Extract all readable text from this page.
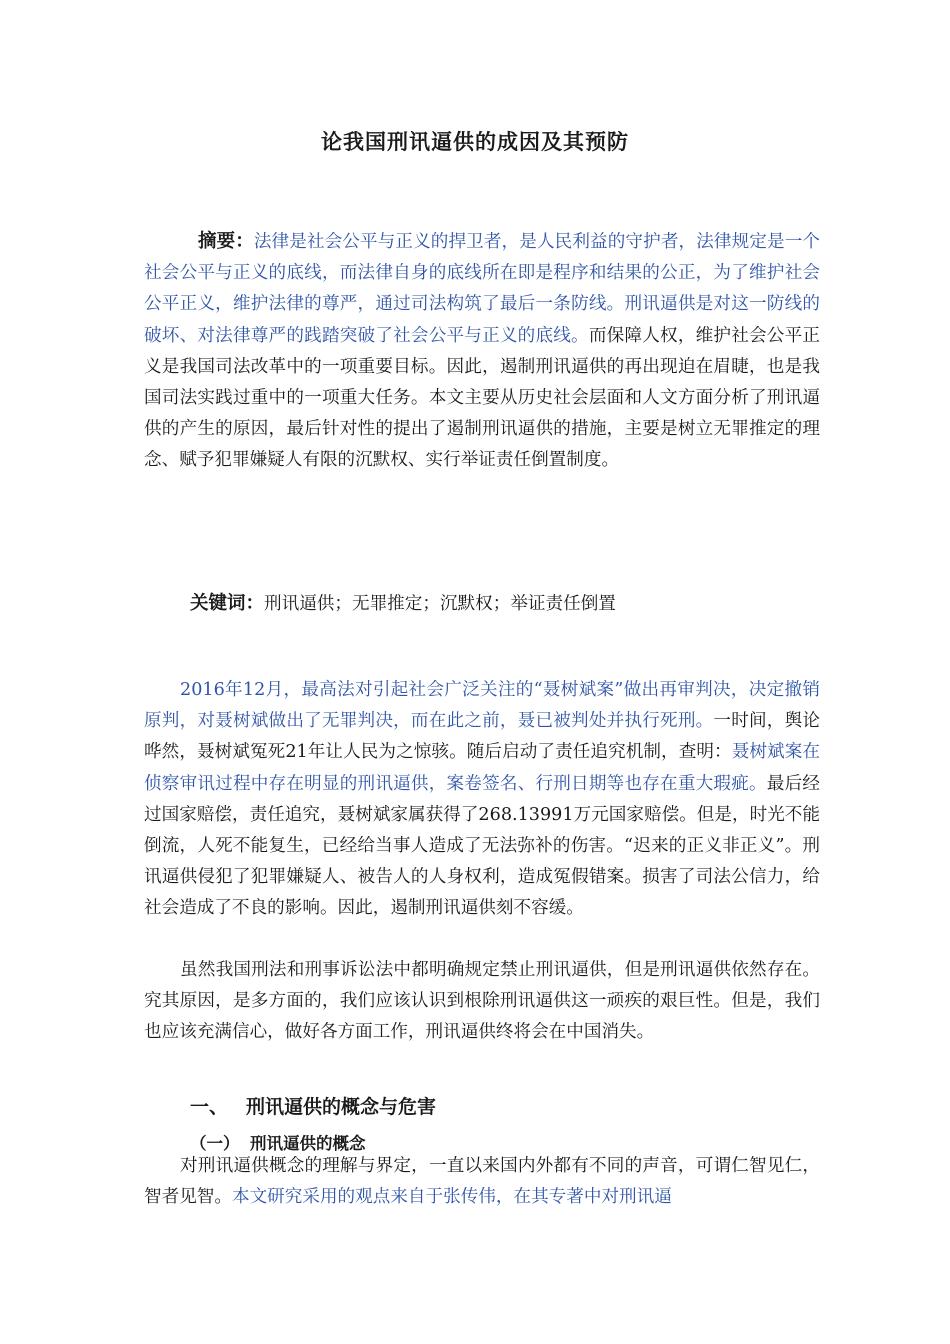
论我国刑讯逼供的成因及其预防

摘要：法律是社会公平与正义的捍卫者，是人民利益的守护者，法律规定是一个社会公平与正义的底线，而法律自身的底线所在即是程序和结果的公正，为了维护社会公平正义，维护法律的尊严，通过司法构筑了最后一条防线。刑讯逼供是对这一防线的破坏、对法律尊严的践踏突破了社会公平与正义的底线。而保障人权，维护社会公平正义是我国司法改革中的一项重要目标。因此，遏制刑讯逼供的再出现迫在眉睫，也是我国司法实践过重中的一项重大任务。本文主要从历史社会层面和人文方面分析了刑讯逼供的产生的原因，最后针对性的提出了遏制刑讯逼供的措施，主要是树立无罪推定的理念、赋予犯罪嫌疑人有限的沉默权、实行举证责任倒置制度。

关键词：刑讯逼供；无罪推定；沉默权；举证责任倒置

2016年12月，最高法对引起社会广泛关注的“聂树斌案”做出再审判决，决定撤销原判，对聂树斌做出了无罪判决，而在此之前，聂已被判处并执行死刑。一时间，舆论哗然，聂树斌冤死21年让人民为之惊骇。随后启动了责任追究机制，查明：聂树斌案在侦察审讯过程中存在明显的刑讯逼供，案卷签名、行刑日期等也存在重大瑕疵。最后经过国家赔偿，责任追究，聂树斌家属获得了268.13991万元国家赔偿。但是，时光不能倒流，人死不能复生，已经给当事人造成了无法弥补的伤害。“迟来的正义非正义”。刑讯逼供侵犯了犯罪嫌疑人、被告人的人身权利，造成冤假错案。损害了司法公信力，给社会造成了不良的影响。因此，遏制刑讯逼供刻不容缓。

虽然我国刑法和刑事诉讼法中都明确规定禁止刑讯逼供，但是刑讯逼供依然存在。究其原因，是多方面的，我们应该认识到根除刑讯逼供这一顽疾的艰巨性。但是，我们也应该充满信心，做好各方面工作，刑讯逼供终将会在中国消失。

一、 刑讯逼供的概念与危害
（一） 刑讯逼供的概念

对刑讯逼供概念的理解与界定，一直以来国内外都有不同的声音，可谓仁智见仁，智者见智。本文研究采用的观点来自于张传伟，在其专著中对刑讯逼
